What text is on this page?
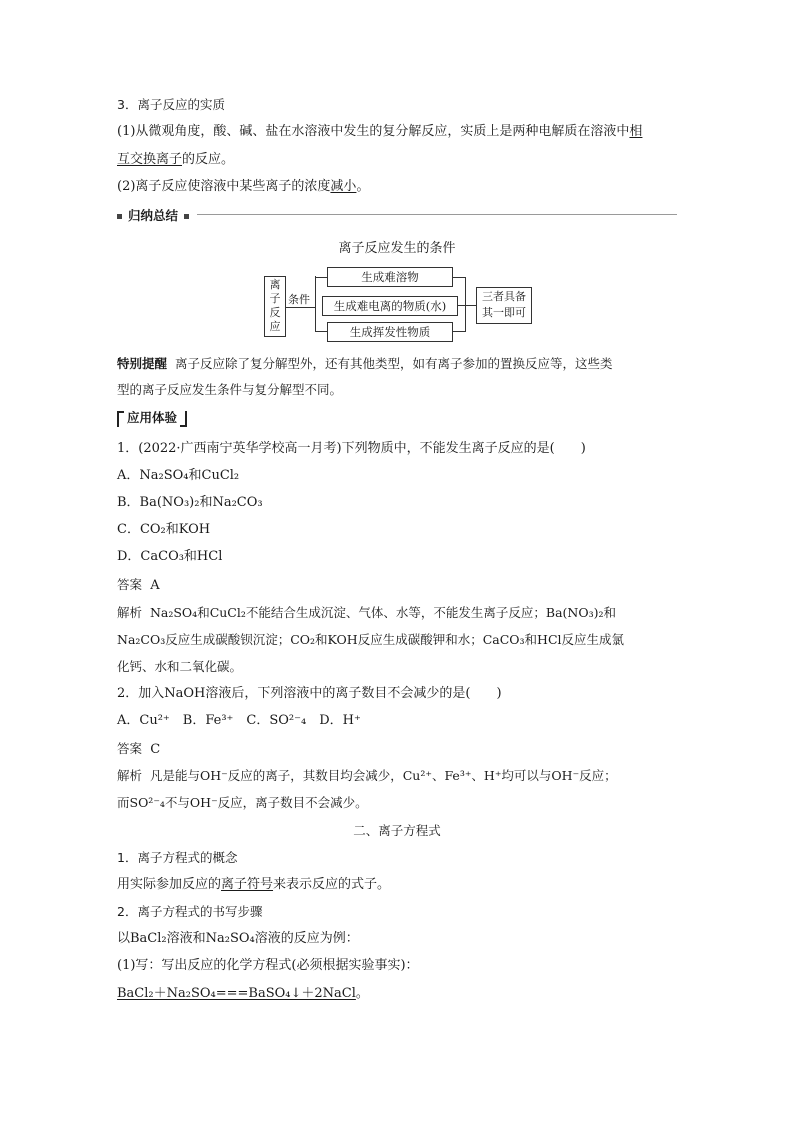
3．离子反应的实质
(1)从微观角度，酸、碱、盐在水溶液中发生的复分解反应，实质上是两种电解质在溶液中相
互交换离子的反应。
(2)离子反应使溶液中某些离子的浓度减小。
归纳总结
离子反应发生的条件
离
子
反
应
条件
生成难溶物
生成难电离的物质(水)
生成挥发性物质
三者具备
其一即可
特别提醒 离子反应除了复分解型外，还有其他类型，如有离子参加的置换反应等，这些类
型的离子反应发生条件与复分解型不同。
应用体验
1．(2022·广西南宁英华学校高一月考)下列物质中，不能发生离子反应的是(　　)
A．Na₂SO₄和CuCl₂
B．Ba(NO₃)₂和Na₂CO₃
C．CO₂和KOH
D．CaCO₃和HCl
答案 A
解析 Na₂SO₄和CuCl₂不能结合生成沉淀、气体、水等，不能发生离子反应；Ba(NO₃)₂和
Na₂CO₃反应生成碳酸钡沉淀；CO₂和KOH反应生成碳酸钾和水；CaCO₃和HCl反应生成氯
化钙、水和二氧化碳。
2．加入NaOH溶液后，下列溶液中的离子数目不会减少的是(　　)
A．Cu²⁺　B．Fe³⁺　C．SO²⁻₄　D．H⁺
答案 C
解析 凡是能与OH⁻反应的离子，其数目均会减少，Cu²⁺、Fe³⁺、H⁺均可以与OH⁻反应；
而SO²⁻₄不与OH⁻反应，离子数目不会减少。
二、离子方程式
1．离子方程式的概念
用实际参加反应的离子符号来表示反应的式子。
2．离子方程式的书写步骤
以BaCl₂溶液和Na₂SO₄溶液的反应为例：
(1)写：写出反应的化学方程式(必须根据实验事实)：
BaCl₂＋Na₂SO₄===BaSO₄↓＋2NaCl。
